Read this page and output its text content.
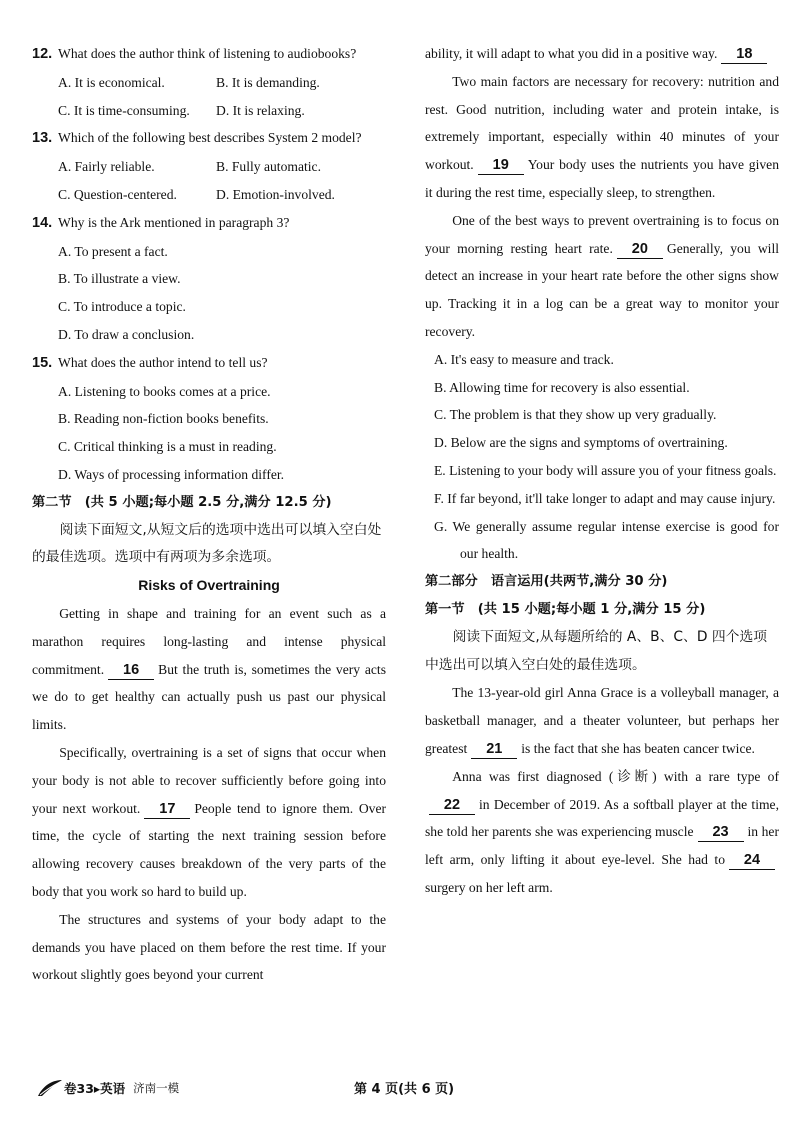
12. What does the author think of listening to audiobooks?

A. It is economical.	B. It is demanding.
C. It is time-consuming.	D. It is relaxing.

13. Which of the following best describes System 2 model?

A. Fairly reliable.	B. Fully automatic.
C. Question-centered.	D. Emotion-involved.

14. Why is the Ark mentioned in paragraph 3?

A. To present a fact.

B. To illustrate a view.

C. To introduce a topic.

D. To draw a conclusion.

15. What does the author intend to tell us?

A. Listening to books comes at a price.

B. Reading non-fiction books benefits.

C. Critical thinking is a must in reading.

D. Ways of processing information differ.

第二节　(共 5 小题;每小题 2.5 分,满分 12.5 分)

阅读下面短文,从短文后的选项中选出可以填入空白处的最佳选项。选项中有两项为多余选项。

Risks of Overtraining

Getting in shape and training for an event such as a marathon requires long-lasting and intense physical commitment. 16 But the truth is, sometimes the very acts we do to get healthy can actually push us past our physical limits.

Specifically, overtraining is a set of signs that occur when your body is not able to recover sufficiently before going into your next workout. 17 People tend to ignore them. Over time, the cycle of starting the next training session before allowing recovery causes breakdown of the very parts of the body that you work so hard to build up.

The structures and systems of your body adapt to the demands you have placed on them before the rest time. If your workout slightly goes beyond your current

ability, it will adapt to what you did in a positive way. 18

Two main factors are necessary for recovery: nutrition and rest. Good nutrition, including water and protein intake, is extremely important, especially within 40 minutes of your workout. 19 Your body uses the nutrients you have given it during the rest time, especially sleep, to strengthen.

One of the best ways to prevent overtraining is to focus on your morning resting heart rate. 20 Generally, you will detect an increase in your heart rate before the other signs show up. Tracking it in a log can be a great way to monitor your recovery.

A. It's easy to measure and track.

B. Allowing time for recovery is also essential.

C. The problem is that they show up very gradually.

D. Below are the signs and symptoms of overtraining.

E. Listening to your body will assure you of your fitness goals.

F. If far beyond, it'll take longer to adapt and may cause injury.

G. We generally assume regular intense exercise is good for our health.

第二部分　语言运用(共两节,满分 30 分)

第一节　(共 15 小题;每小题 1 分,满分 15 分)

阅读下面短文,从每题所给的 A、B、C、D 四个选项中选出可以填入空白处的最佳选项。

The 13-year-old girl Anna Grace is a volleyball manager, a basketball manager, and a theater volunteer, but perhaps her greatest 21 is the fact that she has beaten cancer twice.

Anna was first diagnosed (诊断) with a rare type of22 in December of 2019. As a softball player at the time, she told her parents she was experiencing muscle 23 in her left arm, only lifting it about eye-level. She had to 24surgery on her left arm.

卷33▸英语 济南一模	第 4 页(共 6 页)
